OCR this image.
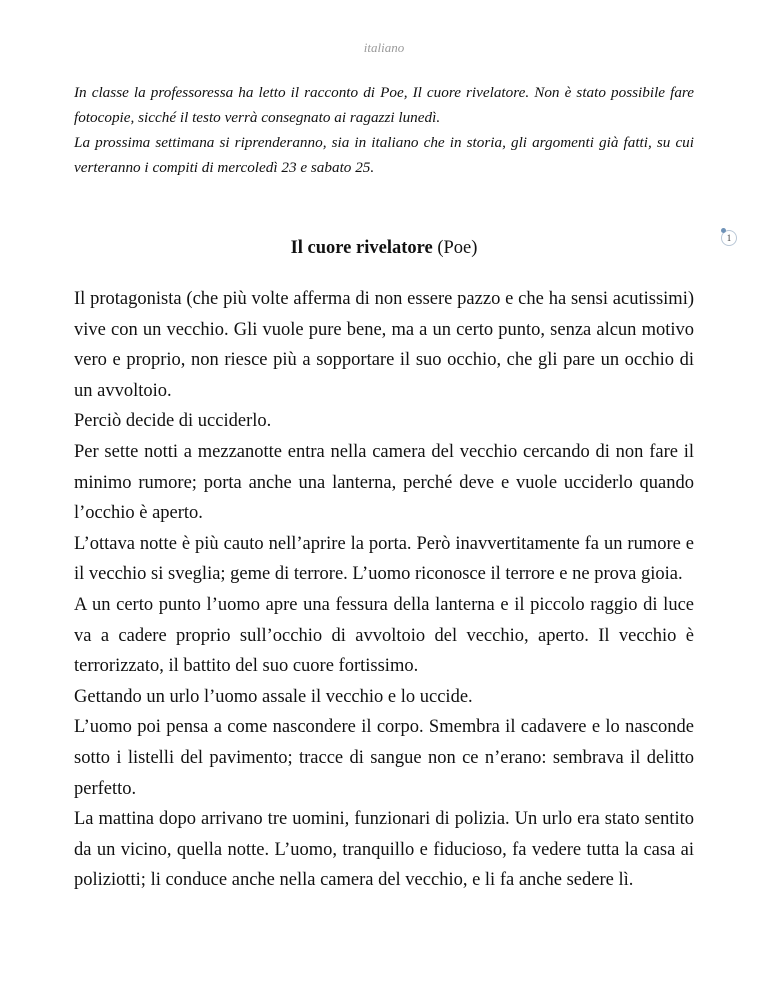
italiano

In classe la professoressa ha letto il racconto di Poe, Il cuore rivelatore. Non è stato possibile fare fotocopie, sicché il testo verrà consegnato ai ragazzi lunedì.

La prossima settimana si riprenderanno, sia in italiano che in storia, gli argomenti già fatti, su cui verteranno i compiti di mercoledì 23 e sabato 25.

1
Il cuore rivelatore (Poe)

Il protagonista (che più volte afferma di non essere pazzo e che ha sensi acutissimi) vive con un vecchio. Gli vuole pure bene, ma a un certo punto, senza alcun motivo vero e proprio, non riesce più a sopportare il suo occhio, che gli pare un occhio di un avvoltoio.

Perciò decide di ucciderlo.

Per sette notti a mezzanotte entra nella camera del vecchio cercando di non fare il minimo rumore; porta anche una lanterna, perché deve e vuole ucciderlo quando l’occhio è aperto.

L’ottava notte è più cauto nell’aprire la porta. Però inavvertitamente fa un rumore e il vecchio si sveglia; geme di terrore. L’uomo riconosce il terrore e ne prova gioia.

A un certo punto l’uomo apre una fessura della lanterna e il piccolo raggio di luce va a cadere proprio sull’occhio di avvoltoio del vecchio, aperto. Il vecchio è terrorizzato, il battito del suo cuore fortissimo.

Gettando un urlo l’uomo assale il vecchio e lo uccide.

L’uomo poi pensa a come nascondere il corpo. Smembra il cadavere e lo nasconde sotto i listelli del pavimento; tracce di sangue non ce n’erano: sembrava il delitto perfetto.

La mattina dopo arrivano tre uomini, funzionari di polizia. Un urlo era stato sentito da un vicino, quella notte. L’uomo, tranquillo e fiducioso, fa vedere tutta la casa ai poliziotti; li conduce anche nella camera del vecchio, e li fa anche sedere lì.
